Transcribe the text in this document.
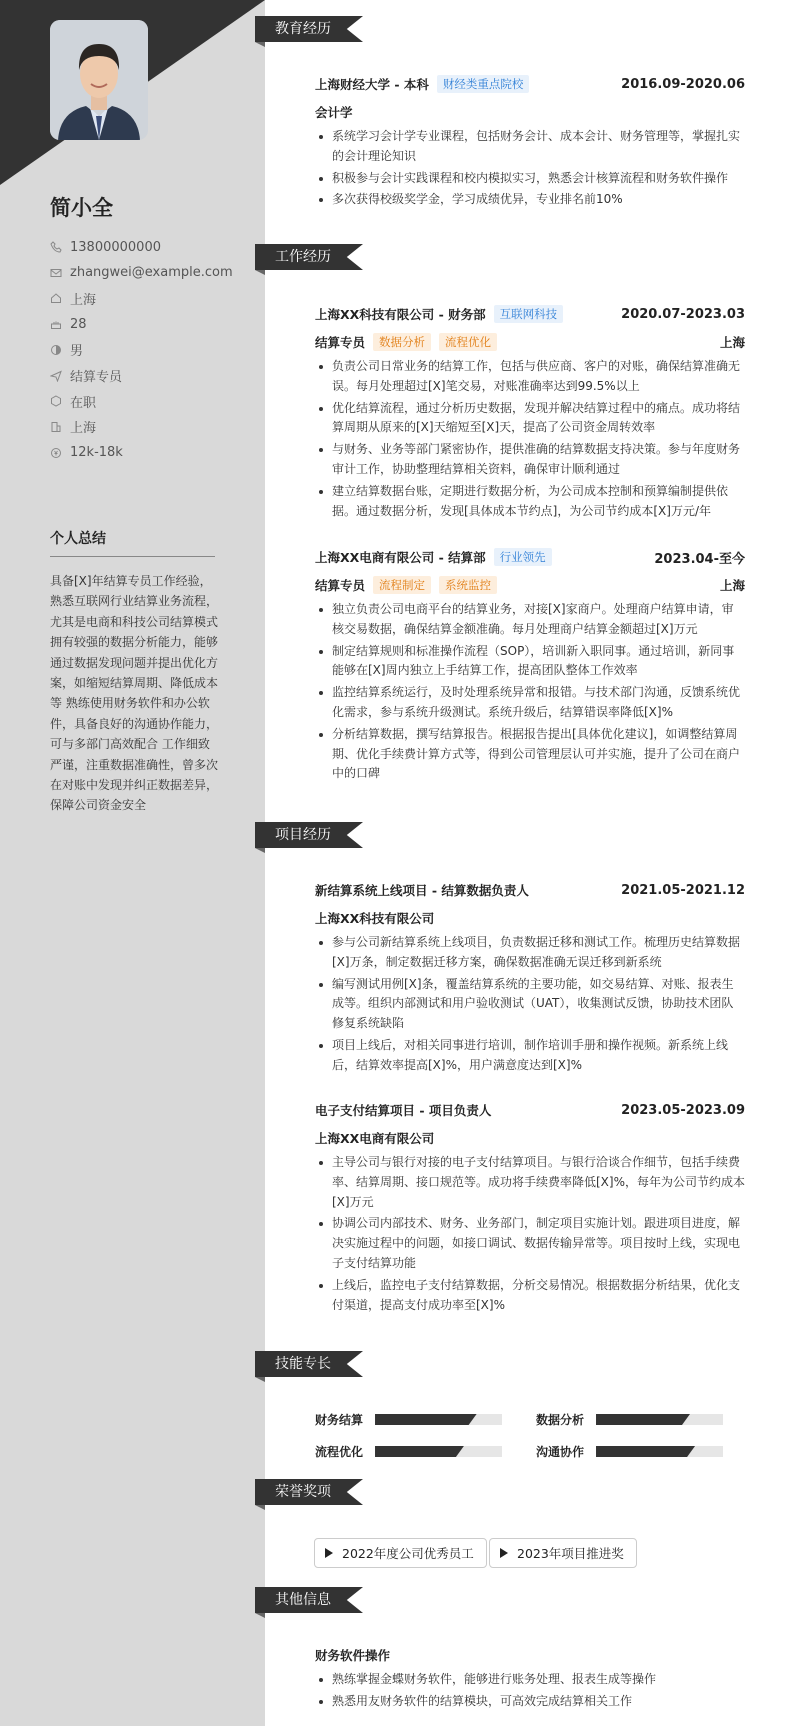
简小全
13800000000
zhangwei@example.com
上海
28
男
结算专员
在职
上海
12k-18k
个人总结
具备[X]年结算专员工作经验，熟悉互联网行业结算业务流程，尤其是电商和科技公司结算模式 拥有较强的数据分析能力，能够通过数据发现问题并提出优化方案，如缩短结算周期、降低成本等 熟练使用财务软件和办公软件，具备良好的沟通协作能力，可与多部门高效配合 工作细致严谨，注重数据准确性，曾多次在对账中发现并纠正数据差异，保障公司资金安全
教育经历
工作经历
项目经历
技能专长
荣誉奖项
其他信息
上海财经大学 - 本科	财经类重点院校	2016.09-2020.06
会计学
系统学习会计学专业课程，包括财务会计、成本会计、财务管理等，掌握扎实的会计理论知识
积极参与会计实践课程和校内模拟实习，熟悉会计核算流程和财务软件操作
多次获得校级奖学金，学习成绩优异，专业排名前10%
上海XX科技有限公司 - 财务部	互联网科技	2020.07-2023.03
结算专员	数据分析	流程优化	上海
负责公司日常业务的结算工作，包括与供应商、客户的对账，确保结算准确无误。每月处理超过[X]笔交易，对账准确率达到99.5%以上
优化结算流程，通过分析历史数据，发现并解决结算过程中的痛点。成功将结算周期从原来的[X]天缩短至[X]天，提高了公司资金周转效率
与财务、业务等部门紧密协作，提供准确的结算数据支持决策。参与年度财务审计工作，协助整理结算相关资料，确保审计顺利通过
建立结算数据台账，定期进行数据分析，为公司成本控制和预算编制提供依据。通过数据分析，发现[具体成本节约点]，为公司节约成本[X]万元/年
上海XX电商有限公司 - 结算部	行业领先	2023.04-至今
结算专员	流程制定	系统监控	上海
独立负责公司电商平台的结算业务，对接[X]家商户。处理商户结算申请，审核交易数据，确保结算金额准确。每月处理商户结算金额超过[X]万元
制定结算规则和标准操作流程（SOP），培训新入职同事。通过培训，新同事能够在[X]周内独立上手结算工作，提高团队整体工作效率
监控结算系统运行，及时处理系统异常和报错。与技术部门沟通，反馈系统优化需求，参与系统升级测试。系统升级后，结算错误率降低[X]%
分析结算数据，撰写结算报告。根据报告提出[具体优化建议]，如调整结算周期、优化手续费计算方式等，得到公司管理层认可并实施，提升了公司在商户中的口碑
新结算系统上线项目 - 结算数据负责人	2021.05-2021.12
上海XX科技有限公司
参与公司新结算系统上线项目，负责数据迁移和测试工作。梳理历史结算数据[X]万条，制定数据迁移方案，确保数据准确无误迁移到新系统
编写测试用例[X]条，覆盖结算系统的主要功能，如交易结算、对账、报表生成等。组织内部测试和用户验收测试（UAT），收集测试反馈，协助技术团队修复系统缺陷
项目上线后，对相关同事进行培训，制作培训手册和操作视频。新系统上线后，结算效率提高[X]%，用户满意度达到[X]%
电子支付结算项目 - 项目负责人	2023.05-2023.09
上海XX电商有限公司
主导公司与银行对接的电子支付结算项目。与银行洽谈合作细节，包括手续费率、结算周期、接口规范等。成功将手续费率降低[X]%，每年为公司节约成本[X]万元
协调公司内部技术、财务、业务部门，制定项目实施计划。跟进项目进度，解决实施过程中的问题，如接口调试、数据传输异常等。项目按时上线，实现电子支付结算功能
上线后，监控电子支付结算数据，分析交易情况。根据数据分析结果，优化支付渠道，提高支付成功率至[X]%
财务结算	数据分析
流程优化	沟通协作
2022年度公司优秀员工	2023年项目推进奖
财务软件操作
熟练掌握金蝶财务软件，能够进行账务处理、报表生成等操作
熟悉用友财务软件的结算模块，可高效完成结算相关工作
